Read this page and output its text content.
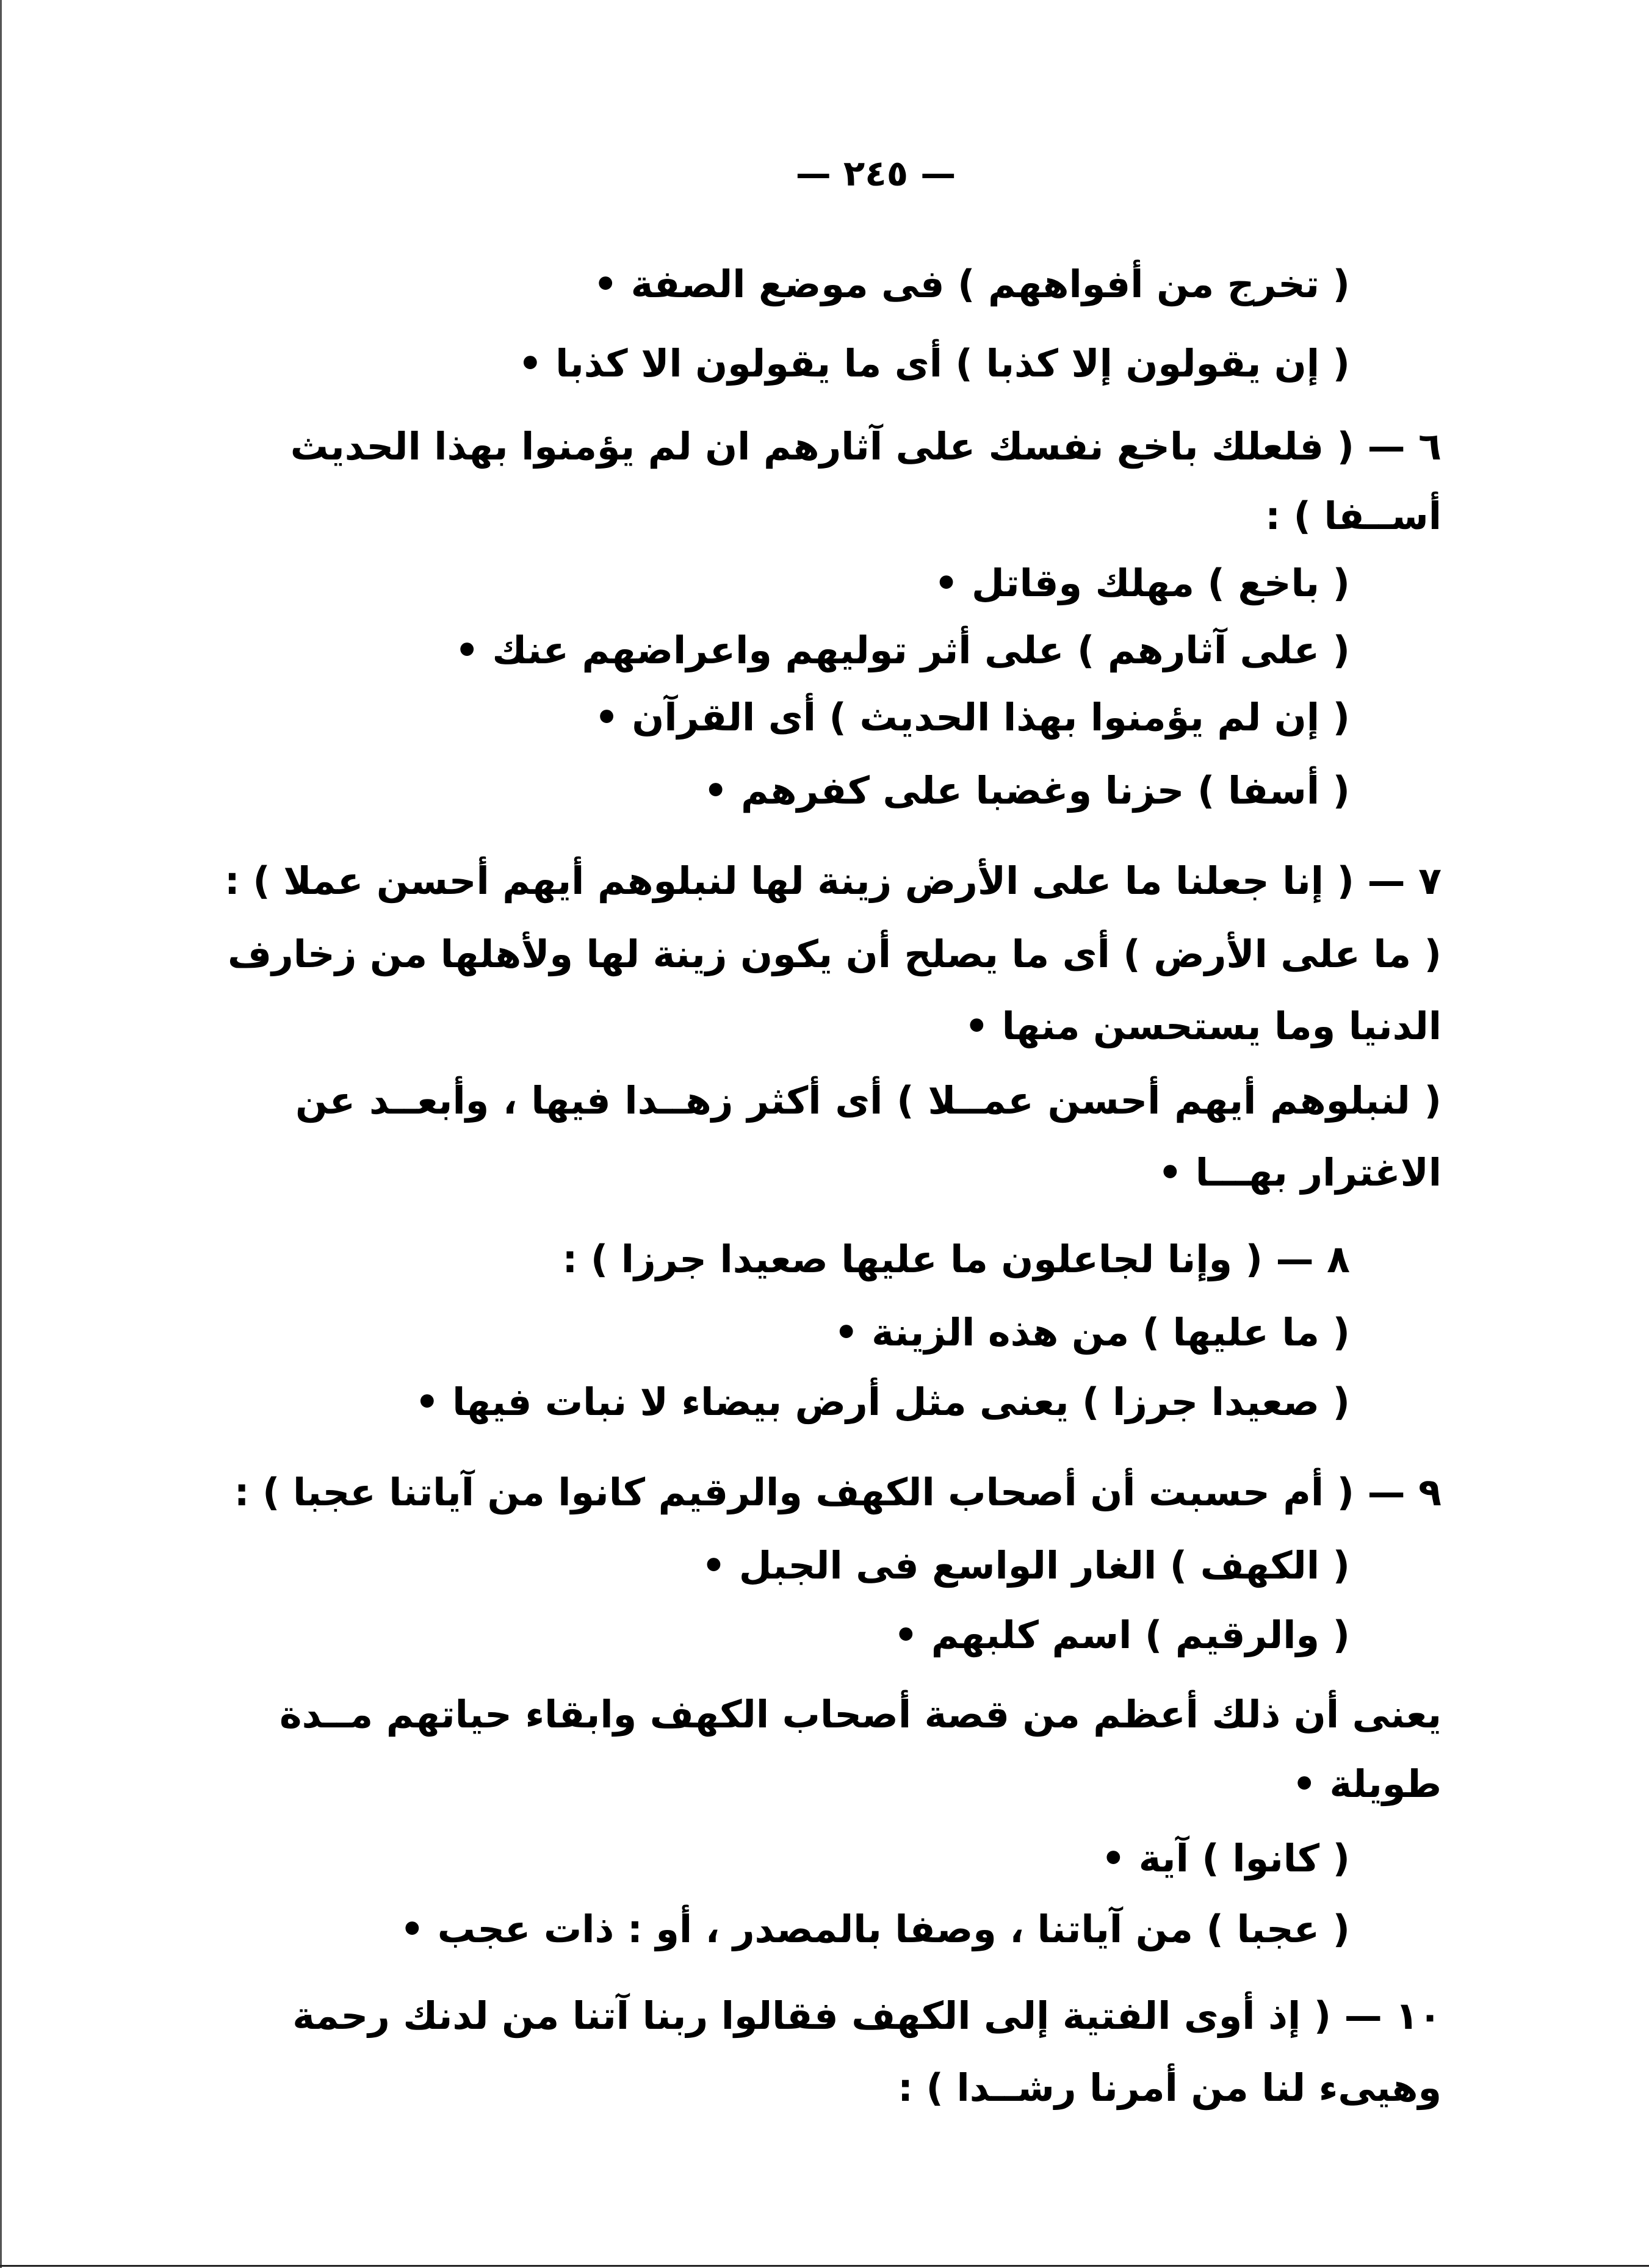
— ٢٤٥ —
( تخرج من أفواههم ) فى موضع الصفة •
( إن يقولون إلا كذبا ) أى ما يقولون الا كذبا •
٦ — ( فلعلك باخع نفسك على آثارهم ان لم يؤمنوا بهذا الحديث
أســفا ) :
( باخع ) مهلك وقاتل •
( على آثارهم ) على أثر توليهم واعراضهم عنك •
( إن لم يؤمنوا بهذا الحديث ) أى القرآن •
( أسفا ) حزنا وغضبا على كفرهم •
٧ — ( إنا جعلنا ما على الأرض زينة لها لنبلوهم أيهم أحسن عملا ) :
( ما على الأرض ) أى ما يصلح أن يكون زينة لها ولأهلها من زخارف
الدنيا وما يستحسن منها •
( لنبلوهم أيهم أحسن عمــلا ) أى أكثر زهــدا فيها ، وأبعــد عن
الاغترار بهـــا •
٨ — ( وإنا لجاعلون ما عليها صعيدا جرزا ) :
( ما عليها ) من هذه الزينة •
( صعيدا جرزا ) يعنى مثل أرض بيضاء لا نبات فيها •
٩ — ( أم حسبت أن أصحاب الكهف والرقيم كانوا من آياتنا عجبا ) :
( الكهف ) الغار الواسع فى الجبل •
( والرقيم ) اسم كلبهم •
يعنى أن ذلك أعظم من قصة أصحاب الكهف وابقاء حياتهم مــدة
طويلة •
( كانوا ) آية •
( عجبا ) من آياتنا ، وصفا بالمصدر ، أو : ذات عجب •
١٠ — ( إذ أوى الفتية إلى الكهف فقالوا ربنا آتنا من لدنك رحمة
وهيىء لنا من أمرنا رشــدا ) :
